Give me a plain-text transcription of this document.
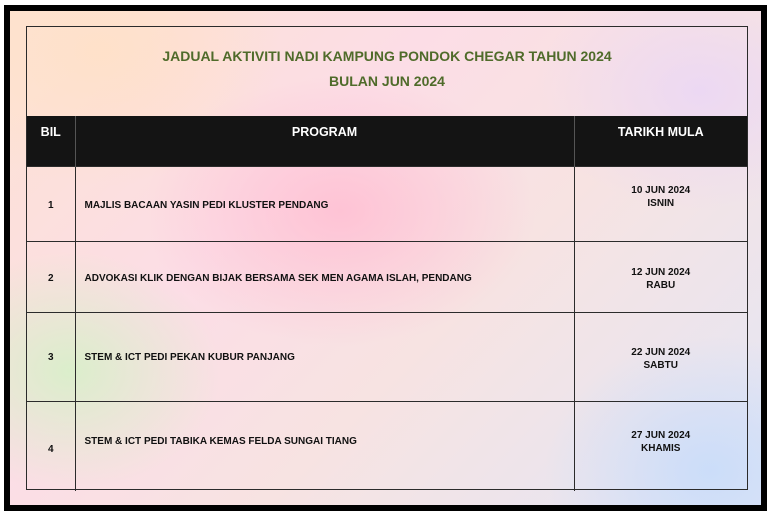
JADUAL AKTIVITI NADI KAMPUNG PONDOK CHEGAR TAHUN 2024
BULAN JUN 2024
BIL	PROGRAM	TARIKH MULA

1	MAJLIS BACAAN YASIN PEDI KLUSTER PENDANG	10 JUN 2024
ISNIN

2	ADVOKASI KLIK DENGAN BIJAK BERSAMA SEK MEN AGAMA ISLAH, PENDANG	12 JUN 2024
RABU

3	STEM & ICT PEDI PEKAN KUBUR PANJANG	22 JUN 2024
SABTU

4	STEM & ICT PEDI TABIKA KEMAS FELDA SUNGAI TIANG	27 JUN 2024
KHAMIS
